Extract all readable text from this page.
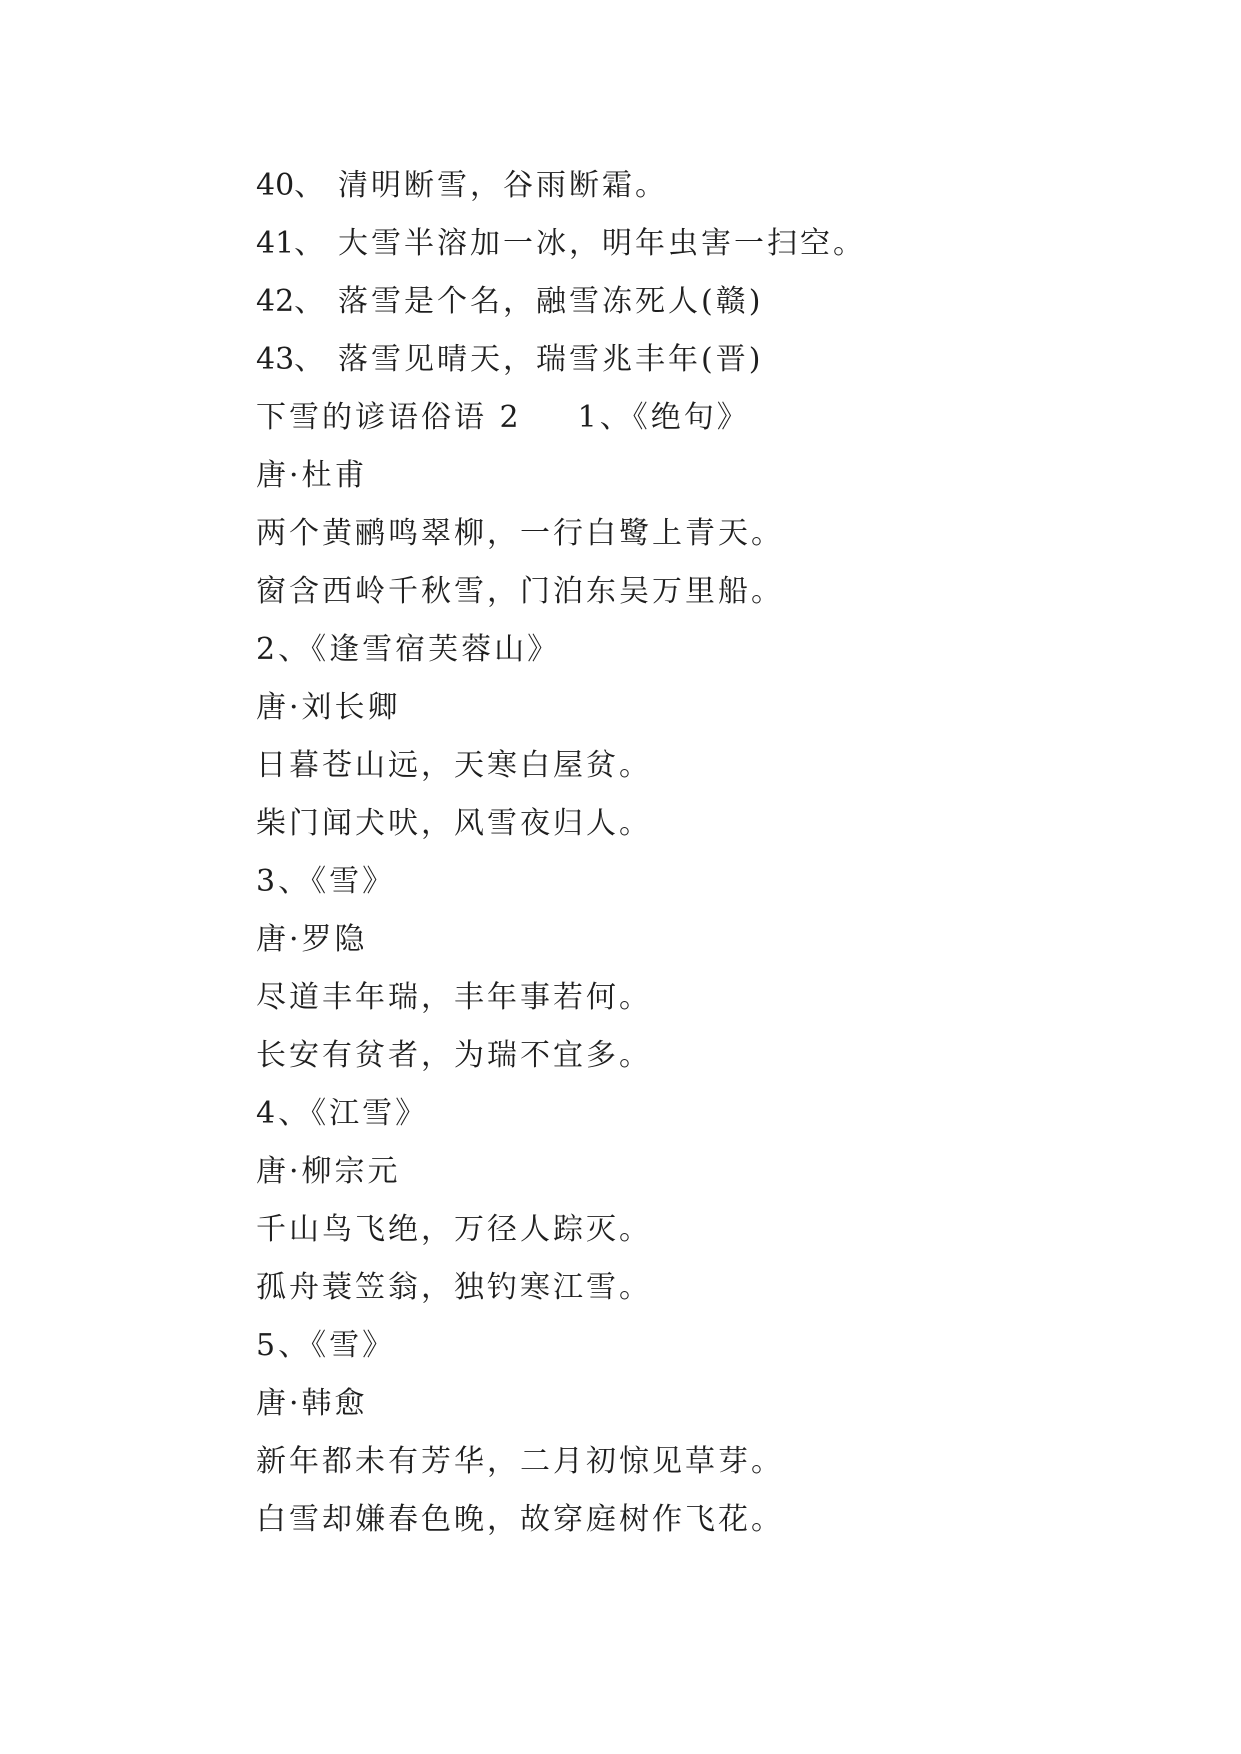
40、 清明断雪，谷雨断霜。
41、 大雪半溶加一冰，明年虫害一扫空。
42、 落雪是个名，融雪冻死人(赣)
43、 落雪见晴天，瑞雪兆丰年(晋)
下雪的谚语俗语 2 1、《绝句》
唐·杜甫
两个黄鹂鸣翠柳，一行白鹭上青天。
窗含西岭千秋雪，门泊东吴万里船。
2、《逢雪宿芙蓉山》
唐·刘长卿
日暮苍山远，天寒白屋贫。
柴门闻犬吠，风雪夜归人。
3、《雪》
唐·罗隐
尽道丰年瑞，丰年事若何。
长安有贫者，为瑞不宜多。
4、《江雪》
唐·柳宗元
千山鸟飞绝，万径人踪灭。
孤舟蓑笠翁，独钓寒江雪。
5、《雪》
唐·韩愈
新年都未有芳华，二月初惊见草芽。
白雪却嫌春色晚，故穿庭树作飞花。
